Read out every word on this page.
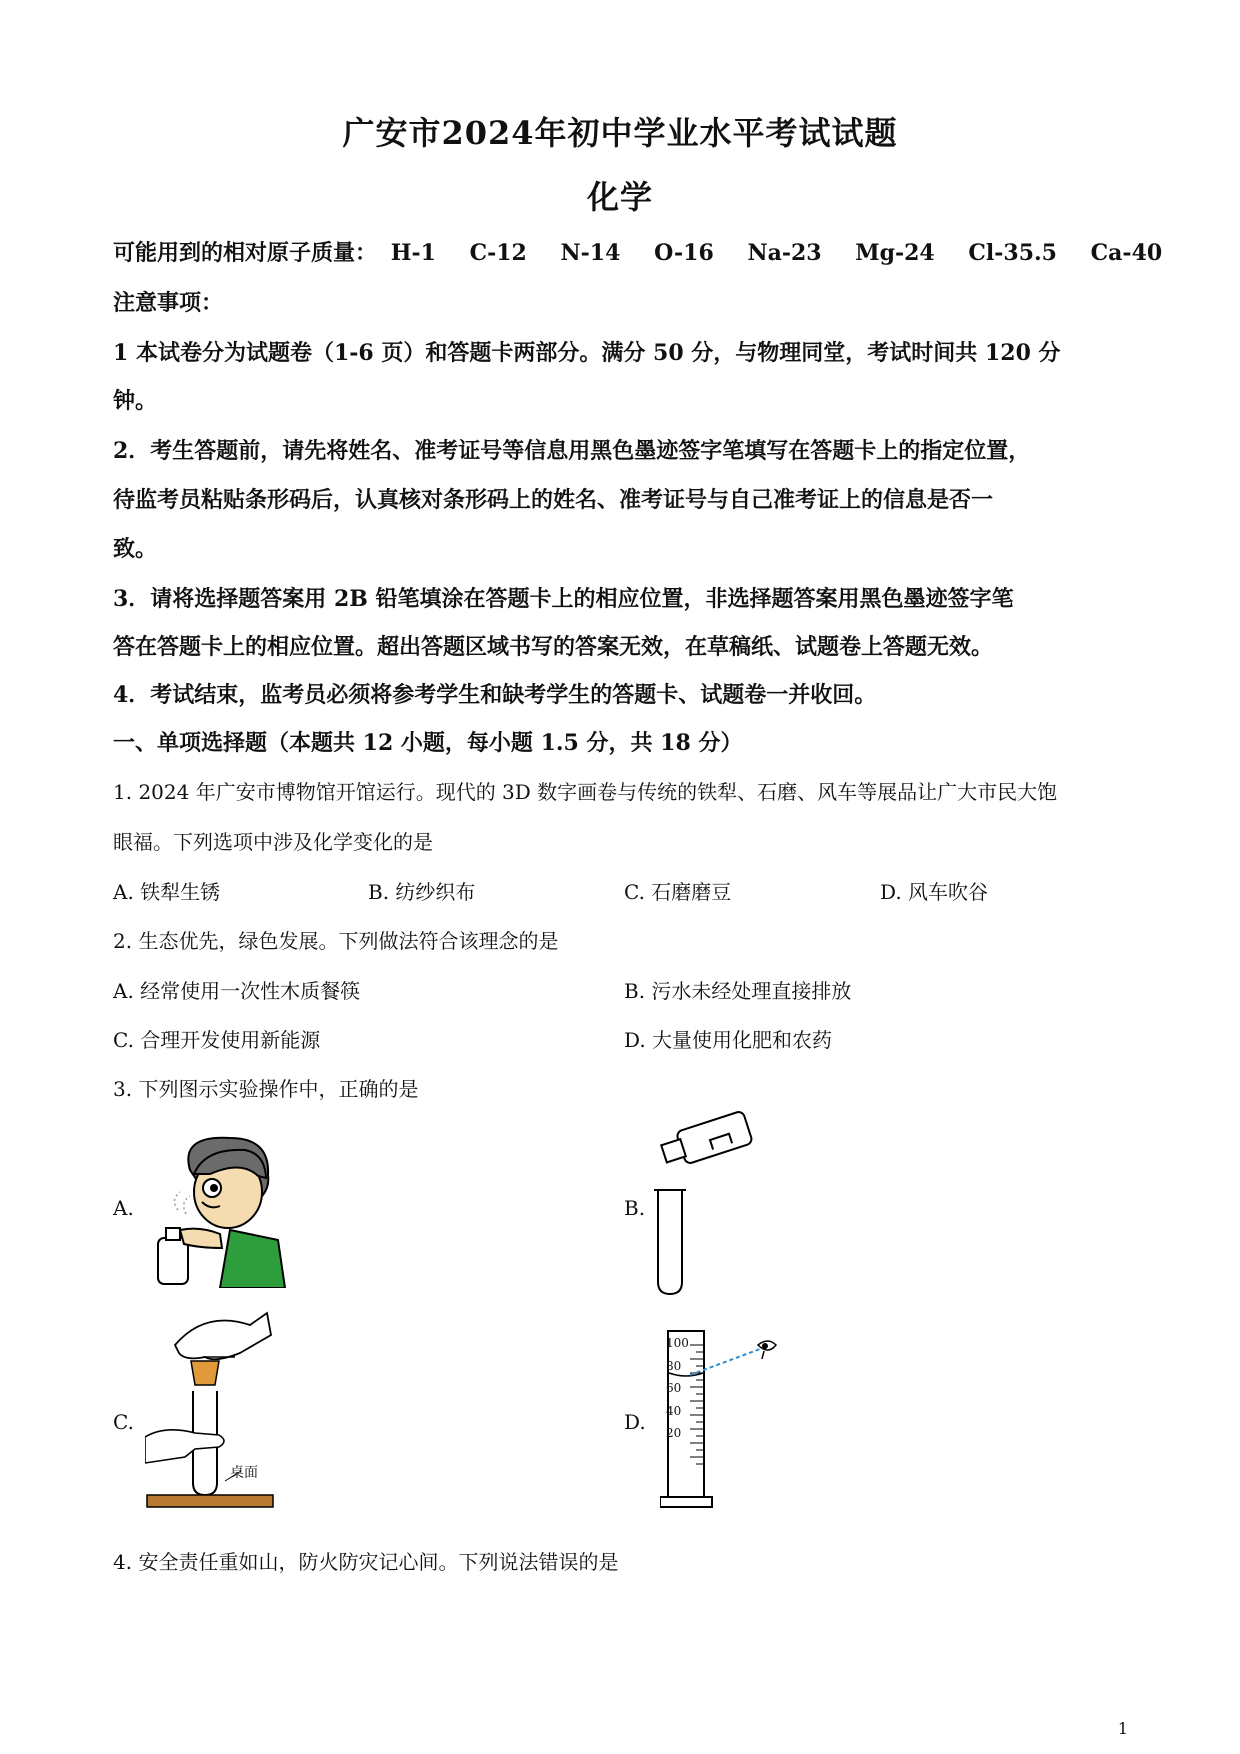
广安市2024年初中学业水平考试试题
化学
可能用到的相对原子质量： H-1 C-12 N-14 O-16 Na-23 Mg-24 Cl-35.5 Ca-40
注意事项：
1 本试卷分为试题卷（1-6 页）和答题卡两部分。满分 50 分，与物理同堂，考试时间共 120 分
钟。
2．考生答题前，请先将姓名、准考证号等信息用黑色墨迹签字笔填写在答题卡上的指定位置，
待监考员粘贴条形码后，认真核对条形码上的姓名、准考证号与自己准考证上的信息是否一
致。
3．请将选择题答案用 2B 铅笔填涂在答题卡上的相应位置，非选择题答案用黑色墨迹签字笔
答在答题卡上的相应位置。超出答题区域书写的答案无效，在草稿纸、试题卷上答题无效。
4．考试结束，监考员必须将参考学生和缺考学生的答题卡、试题卷一并收回。
一、单项选择题（本题共 12 小题，每小题 1.5 分，共 18 分）
1. 2024 年广安市博物馆开馆运行。现代的 3D 数字画卷与传统的铁犁、石磨、风车等展品让广大市民大饱
眼福。下列选项中涉及化学变化的是
A. 铁犁生锈	B. 纺纱织布	C. 石磨磨豆	D. 风车吹谷
2. 生态优先，绿色发展。下列做法符合该理念的是
A. 经常使用一次性木质餐筷	B. 污水未经处理直接排放
C. 合理开发使用新能源	D. 大量使用化肥和农药
3. 下列图示实验操作中，正确的是
A.	B.
C.	D.
桌面
100
80
60
40
20
4. 安全责任重如山，防火防灾记心间。下列说法错误的是
1
